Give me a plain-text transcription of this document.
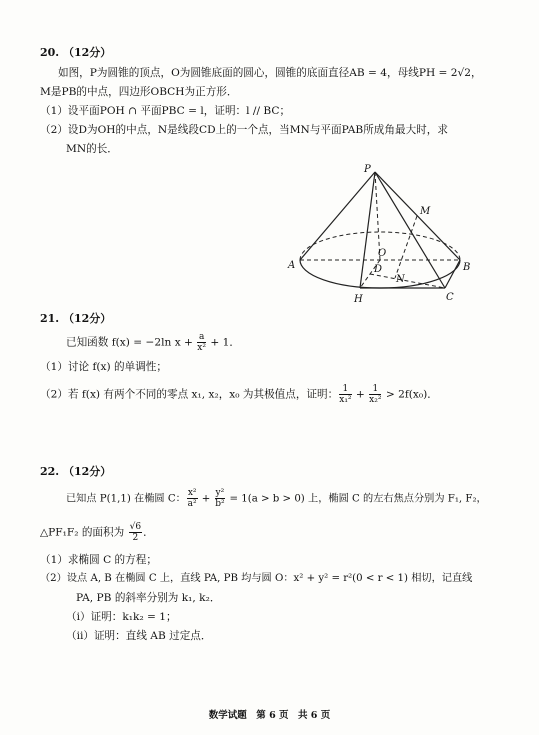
20. （12分）
如图，P为圆锥的顶点，O为圆锥底面的圆心，圆锥的底面直径AB = 4，母线PH = 2√2，
M是PB的中点，四边形OBCH为正方形．
（1）设平面POH ∩ 平面PBC = l，证明：l // BC；
（2）设D为OH的中点，N是线段CD上的一个点，当MN与平面PAB所成角最大时，求
MN的长．
P
M
O
A	B
D
N
H	C
21. （12分）
已知函数 f(x) = −2ln $x + \frac{a}{\text{x²}} + 1$．
（1）讨论 f(x) 的单调性；
（2）若 f(x) 有两个不同的零点 x₁, x₂，x₀ 为其极值点，证明： $\frac{1}{\text{x₁²}} + \frac{1}{\text{x₂²}} > 2f(x_0)$．
22. （12分）
已知点 P(1,1) 在椭圆 C： $\frac{\text{x²}}{\text{a²}} + \frac{\text{y²}}{\text{b²}} = 1(a > b > 0)$ 上，椭圆 C 的左右焦点分别为 F₁, F₂，
△PF₁F₂ 的面积为 $\frac{√6}{2}$ ．
（1）求椭圆 C 的方程；
（2）设点 A, B 在椭圆 C 上，直线 PA, PB 均与圆 O：x² + y² = r²(0 < r < 1) 相切，记直线
PA, PB 的斜率分别为 k₁, k₂．
（ⅰ）证明：k₁k₂ = 1；
（ⅱ）证明：直线 AB 过定点．
数学试题　第 6 页　共 6 页
